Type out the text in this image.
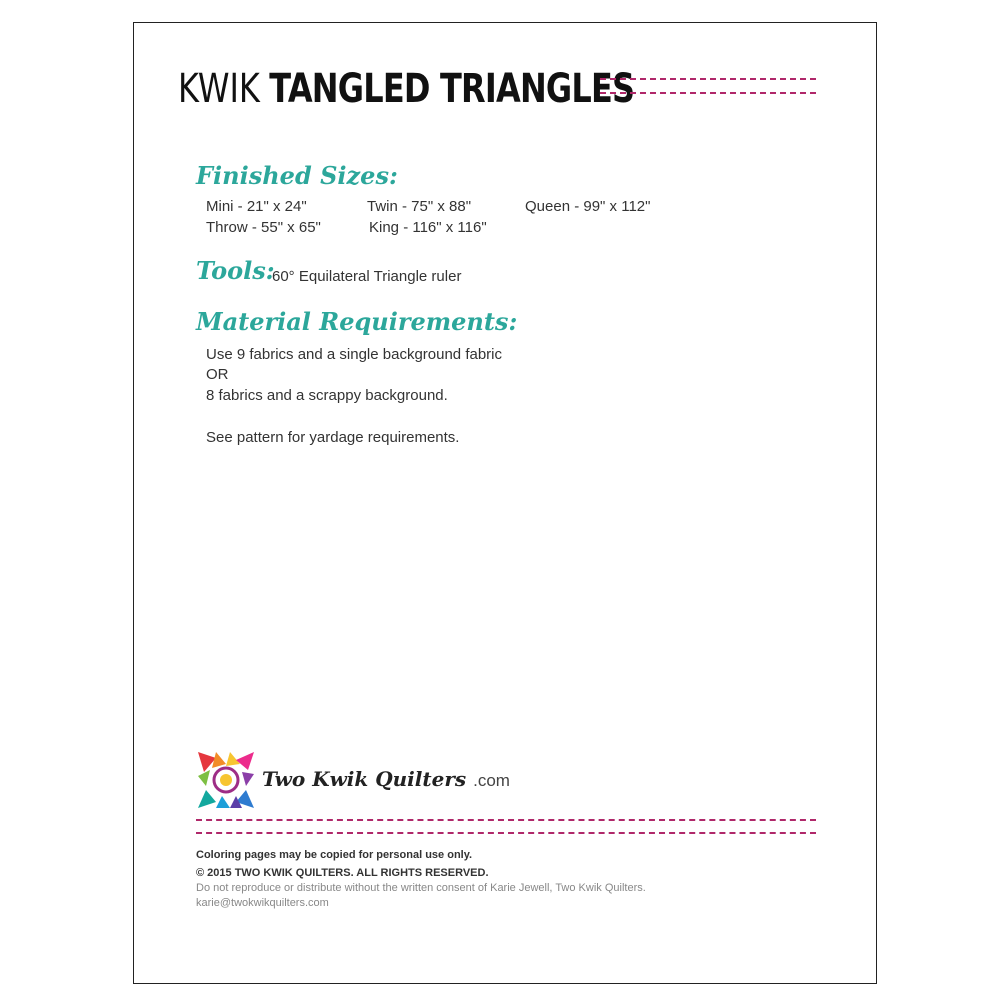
KWIK TANGLED TRIANGLES
Finished Sizes:
Mini - 21" x 24"	Twin - 75" x 88"	Queen - 99" x 112"
Throw - 55" x 65"	King - 116" x 116"
Tools:
60° Equilateral Triangle ruler
Material Requirements:
Use 9 fabrics and a single background fabric
OR
8 fabrics and a scrappy background.
See pattern for yardage requirements.
Two Kwik Quilters .com
Coloring pages may be copied for personal use only.
© 2015 TWO KWIK QUILTERS. ALL RIGHTS RESERVED.
Do not reproduce or distribute without the written consent of Karie Jewell, Two Kwik Quilters.
karie@twokwikquilters.com
